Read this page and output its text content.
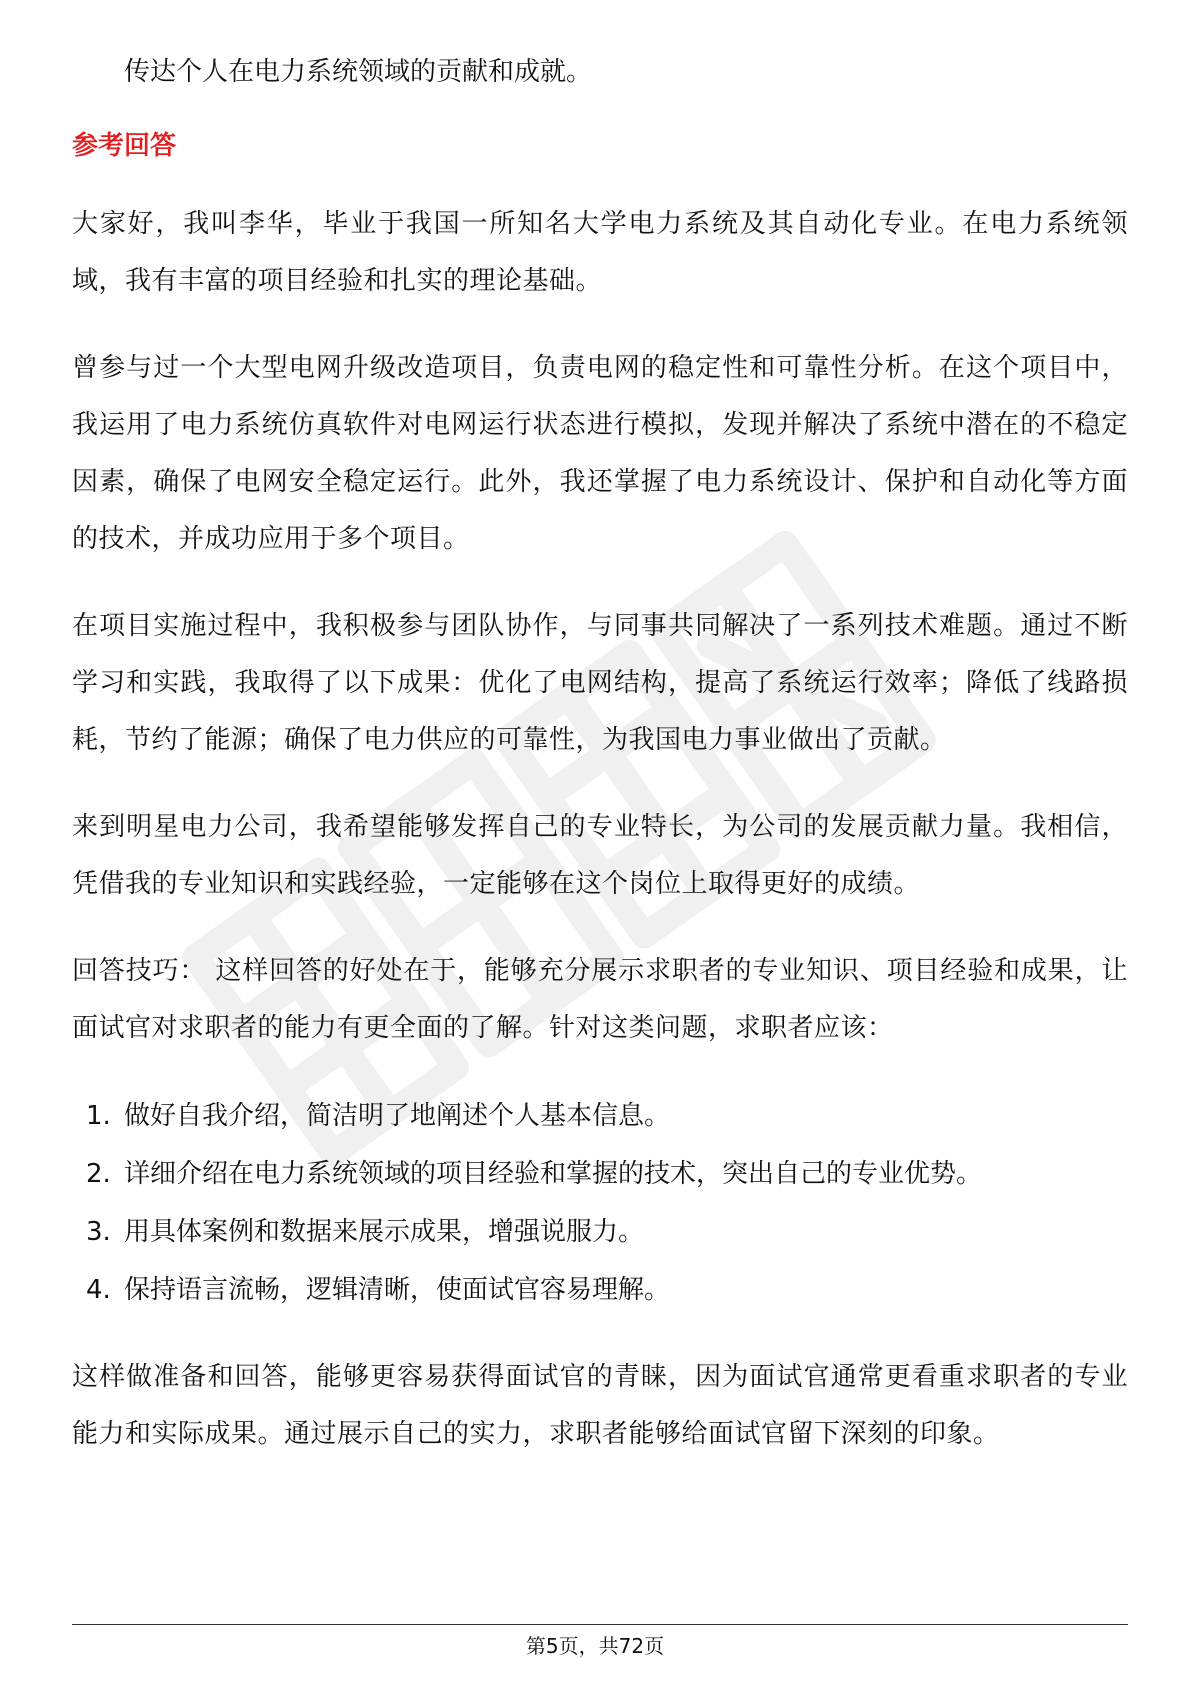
传达个人在电力系统领域的贡献和成就。

参考回答

大家好，我叫李华，毕业于我国一所知名大学电力系统及其自动化专业。在电力系统领域，我有丰富的项目经验和扎实的理论基础。

曾参与过一个大型电网升级改造项目，负责电网的稳定性和可靠性分析。在这个项目中，我运用了电力系统仿真软件对电网运行状态进行模拟，发现并解决了系统中潜在的不稳定因素，确保了电网安全稳定运行。此外，我还掌握了电力系统设计、保护和自动化等方面的技术，并成功应用于多个项目。

在项目实施过程中，我积极参与团队协作，与同事共同解决了一系列技术难题。通过不断学习和实践，我取得了以下成果：优化了电网结构，提高了系统运行效率；降低了线路损耗，节约了能源；确保了电力供应的可靠性，为我国电力事业做出了贡献。

来到明星电力公司，我希望能够发挥自己的专业特长，为公司的发展贡献力量。我相信，凭借我的专业知识和实践经验，一定能够在这个岗位上取得更好的成绩。

回答技巧： 这样回答的好处在于，能够充分展示求职者的专业知识、项目经验和成果，让面试官对求职者的能力有更全面的了解。针对这类问题，求职者应该：

1. 做好自我介绍，简洁明了地阐述个人基本信息。
2. 详细介绍在电力系统领域的项目经验和掌握的技术，突出自己的专业优势。
3. 用具体案例和数据来展示成果，增强说服力。
4. 保持语言流畅，逻辑清晰，使面试官容易理解。

这样做准备和回答，能够更容易获得面试官的青睐，因为面试官通常更看重求职者的专业能力和实际成果。通过展示自己的实力，求职者能够给面试官留下深刻的印象。

第5页，共72页
